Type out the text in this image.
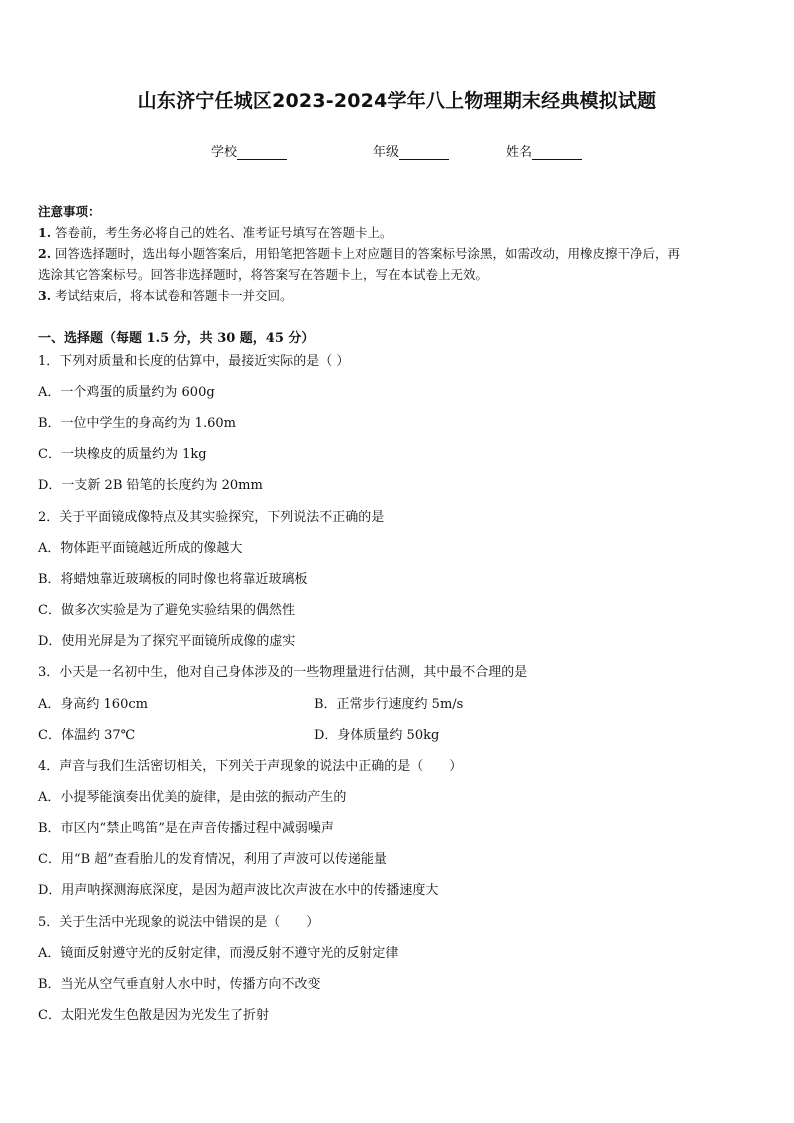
山东济宁任城区2023-2024学年八上物理期末经典模拟试题
学校	年级	姓名
注意事项：
1. 答卷前，考生务必将自己的姓名、准考证号填写在答题卡上。
2. 回答选择题时，选出每小题答案后，用铅笔把答题卡上对应题目的答案标号涂黑，如需改动，用橡皮擦干净后，再
选涂其它答案标号。回答非选择题时，将答案写在答题卡上，写在本试卷上无效。
3. 考试结束后，将本试卷和答题卡一并交回。
一、选择题（每题 1.5 分，共 30 题，45 分）
1．下列对质量和长度的估算中，最接近实际的是（ ）
A．一个鸡蛋的质量约为 600g
B．一位中学生的身高约为 1.60m
C．一块橡皮的质量约为 1kg
D．一支新 2B 铅笔的长度约为 20mm
2．关于平面镜成像特点及其实验探究，下列说法不正确的是
A．物体距平面镜越近所成的像越大
B．将蜡烛靠近玻璃板的同时像也将靠近玻璃板
C．做多次实验是为了避免实验结果的偶然性
D．使用光屏是为了探究平面镜所成像的虚实
3．小天是一名初中生，他对自己身体涉及的一些物理量进行估测，其中最不合理的是
A．身高约 160cm	B．正常步行速度约 5m/s
C．体温约 37℃	D．身体质量约 50kg
4．声音与我们生活密切相关，下列关于声现象的说法中正确的是（　　）
A．小提琴能演奏出优美的旋律，是由弦的振动产生的
B．市区内“禁止鸣笛”是在声音传播过程中减弱噪声
C．用“B 超”查看胎儿的发育情况，利用了声波可以传递能量
D．用声呐探测海底深度，是因为超声波比次声波在水中的传播速度大
5．关于生活中光现象的说法中错误的是（　　）
A．镜面反射遵守光的反射定律，而漫反射不遵守光的反射定律
B．当光从空气垂直射人水中时，传播方向不改变
C．太阳光发生色散是因为光发生了折射
